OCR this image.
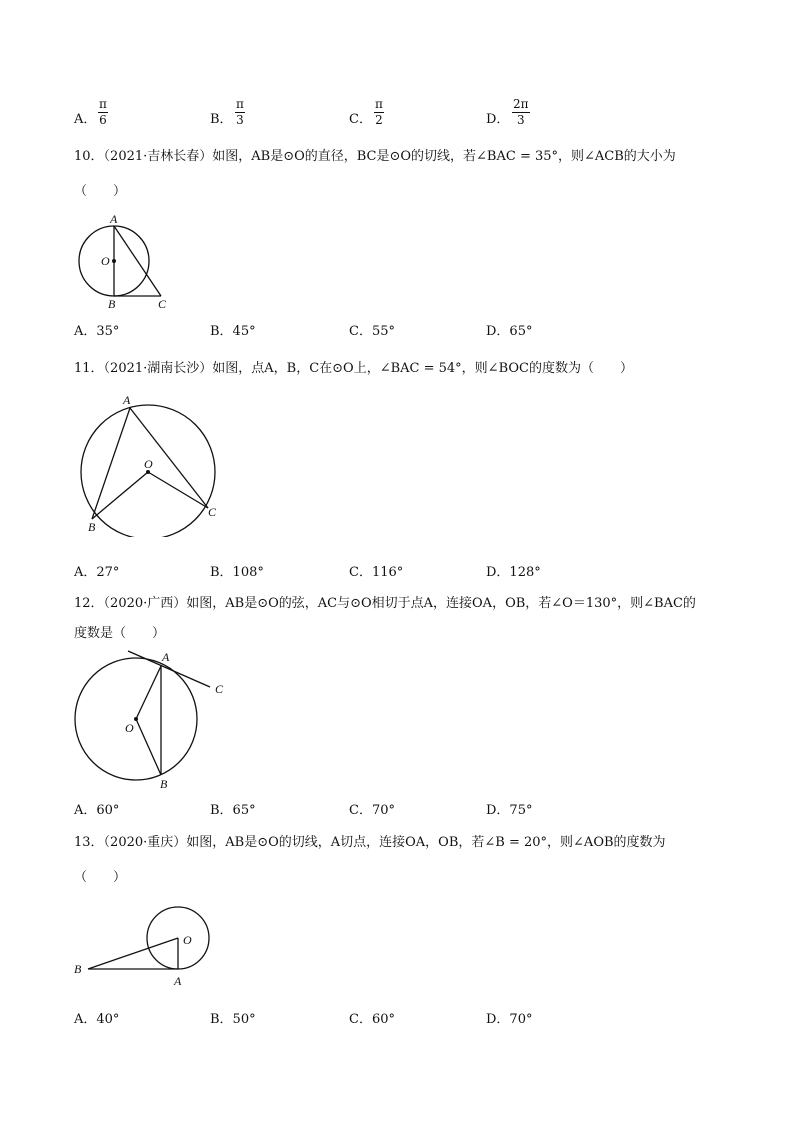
A． $\frac{\pi}{6}$	B． $\frac{\pi}{3}$	C． $\frac{\pi}{2}$	D． $\frac{2\pi}{3}$
10．（2021·吉林长春）如图，AB是⊙O的直径，BC是⊙O的切线，若∠BAC = 35°，则∠ACB的大小为
（　　）
A
O
B	C
A．35°	B．45°	C．55°	D．65°
11．（2021·湖南长沙）如图，点A，B，C在⊙O上，∠BAC = 54°，则∠BOC的度数为（　　）
A
O
B
C
A．27°	B．108°	C．116°	D．128°
12．（2020·广西）如图，AB是⊙O的弦，AC与⊙O相切于点A，连接OA，OB，若∠O＝130°，则∠BAC的
度数是（　　）
A
O
B
C
A．60°	B．65°	C．70°	D．75°
13．（2020·重庆）如图，AB是⊙O的切线，A切点，连接OA，OB，若∠B = 20°，则∠AOB的度数为
（　　）
O
B
A
A．40°	B．50°	C．60°	D．70°
